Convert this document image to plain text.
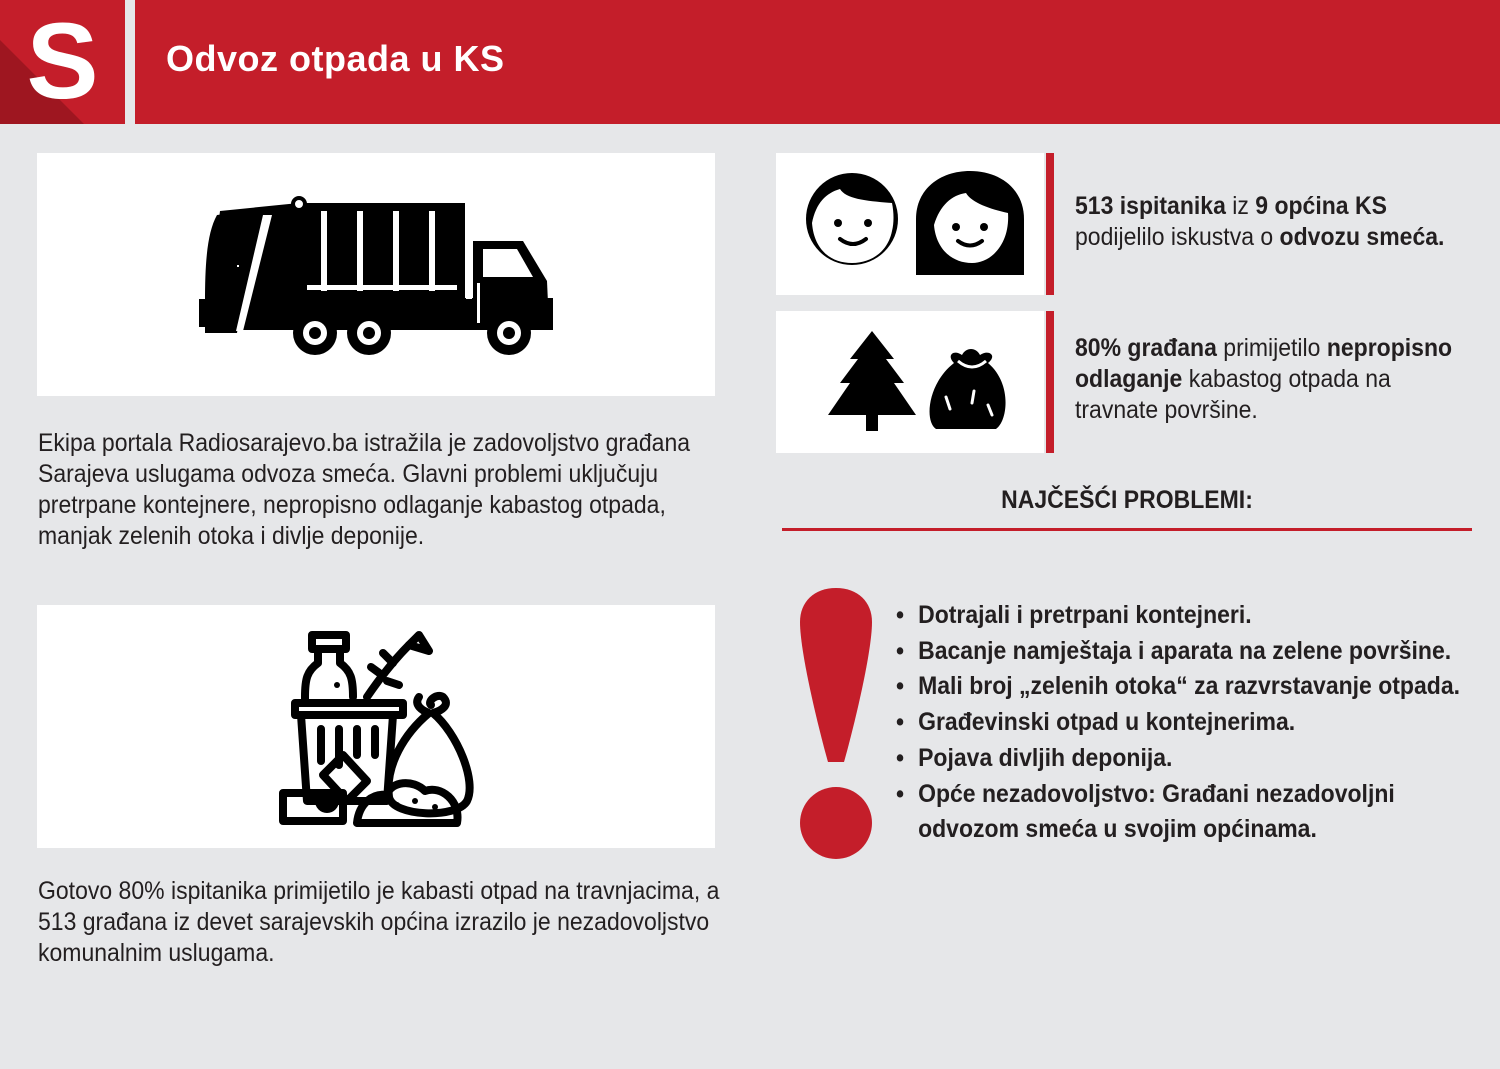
S	Odvoz otpada u KS
Ekipa portala Radiosarajevo.ba istražila je zadovoljstvo građana Sarajeva uslugama odvoza smeća. Glavni problemi uključuju pretrpane kontejnere, nepropisno odlaganje kabastog otpada, manjak zelenih otoka i divlje deponije.
Gotovo 80% ispitanika primijetilo je kabasti otpad na travnjacima, a 513 građana iz devet sarajevskih općina izrazilo je nezadovoljstvo komunalnim uslugama.
513 ispitanika iz 9 općina KS
podijelilo iskustva o odvozu smeća.
80% građana primijetilo nepropisno
odlaganje kabastog otpada na
travnate površine.
NAJČEŠĆI PROBLEMI:
• Dotrajali i pretrpani kontejneri.
• Bacanje namještaja i aparata na zelene površine.
• Mali broj „zelenih otoka“ za razvrstavanje otpada.
• Građevinski otpad u kontejnerima.
• Pojava divljih deponija.
• Opće nezadovoljstvo: Građani nezadovoljni
odvozom smeća u svojim općinama.
